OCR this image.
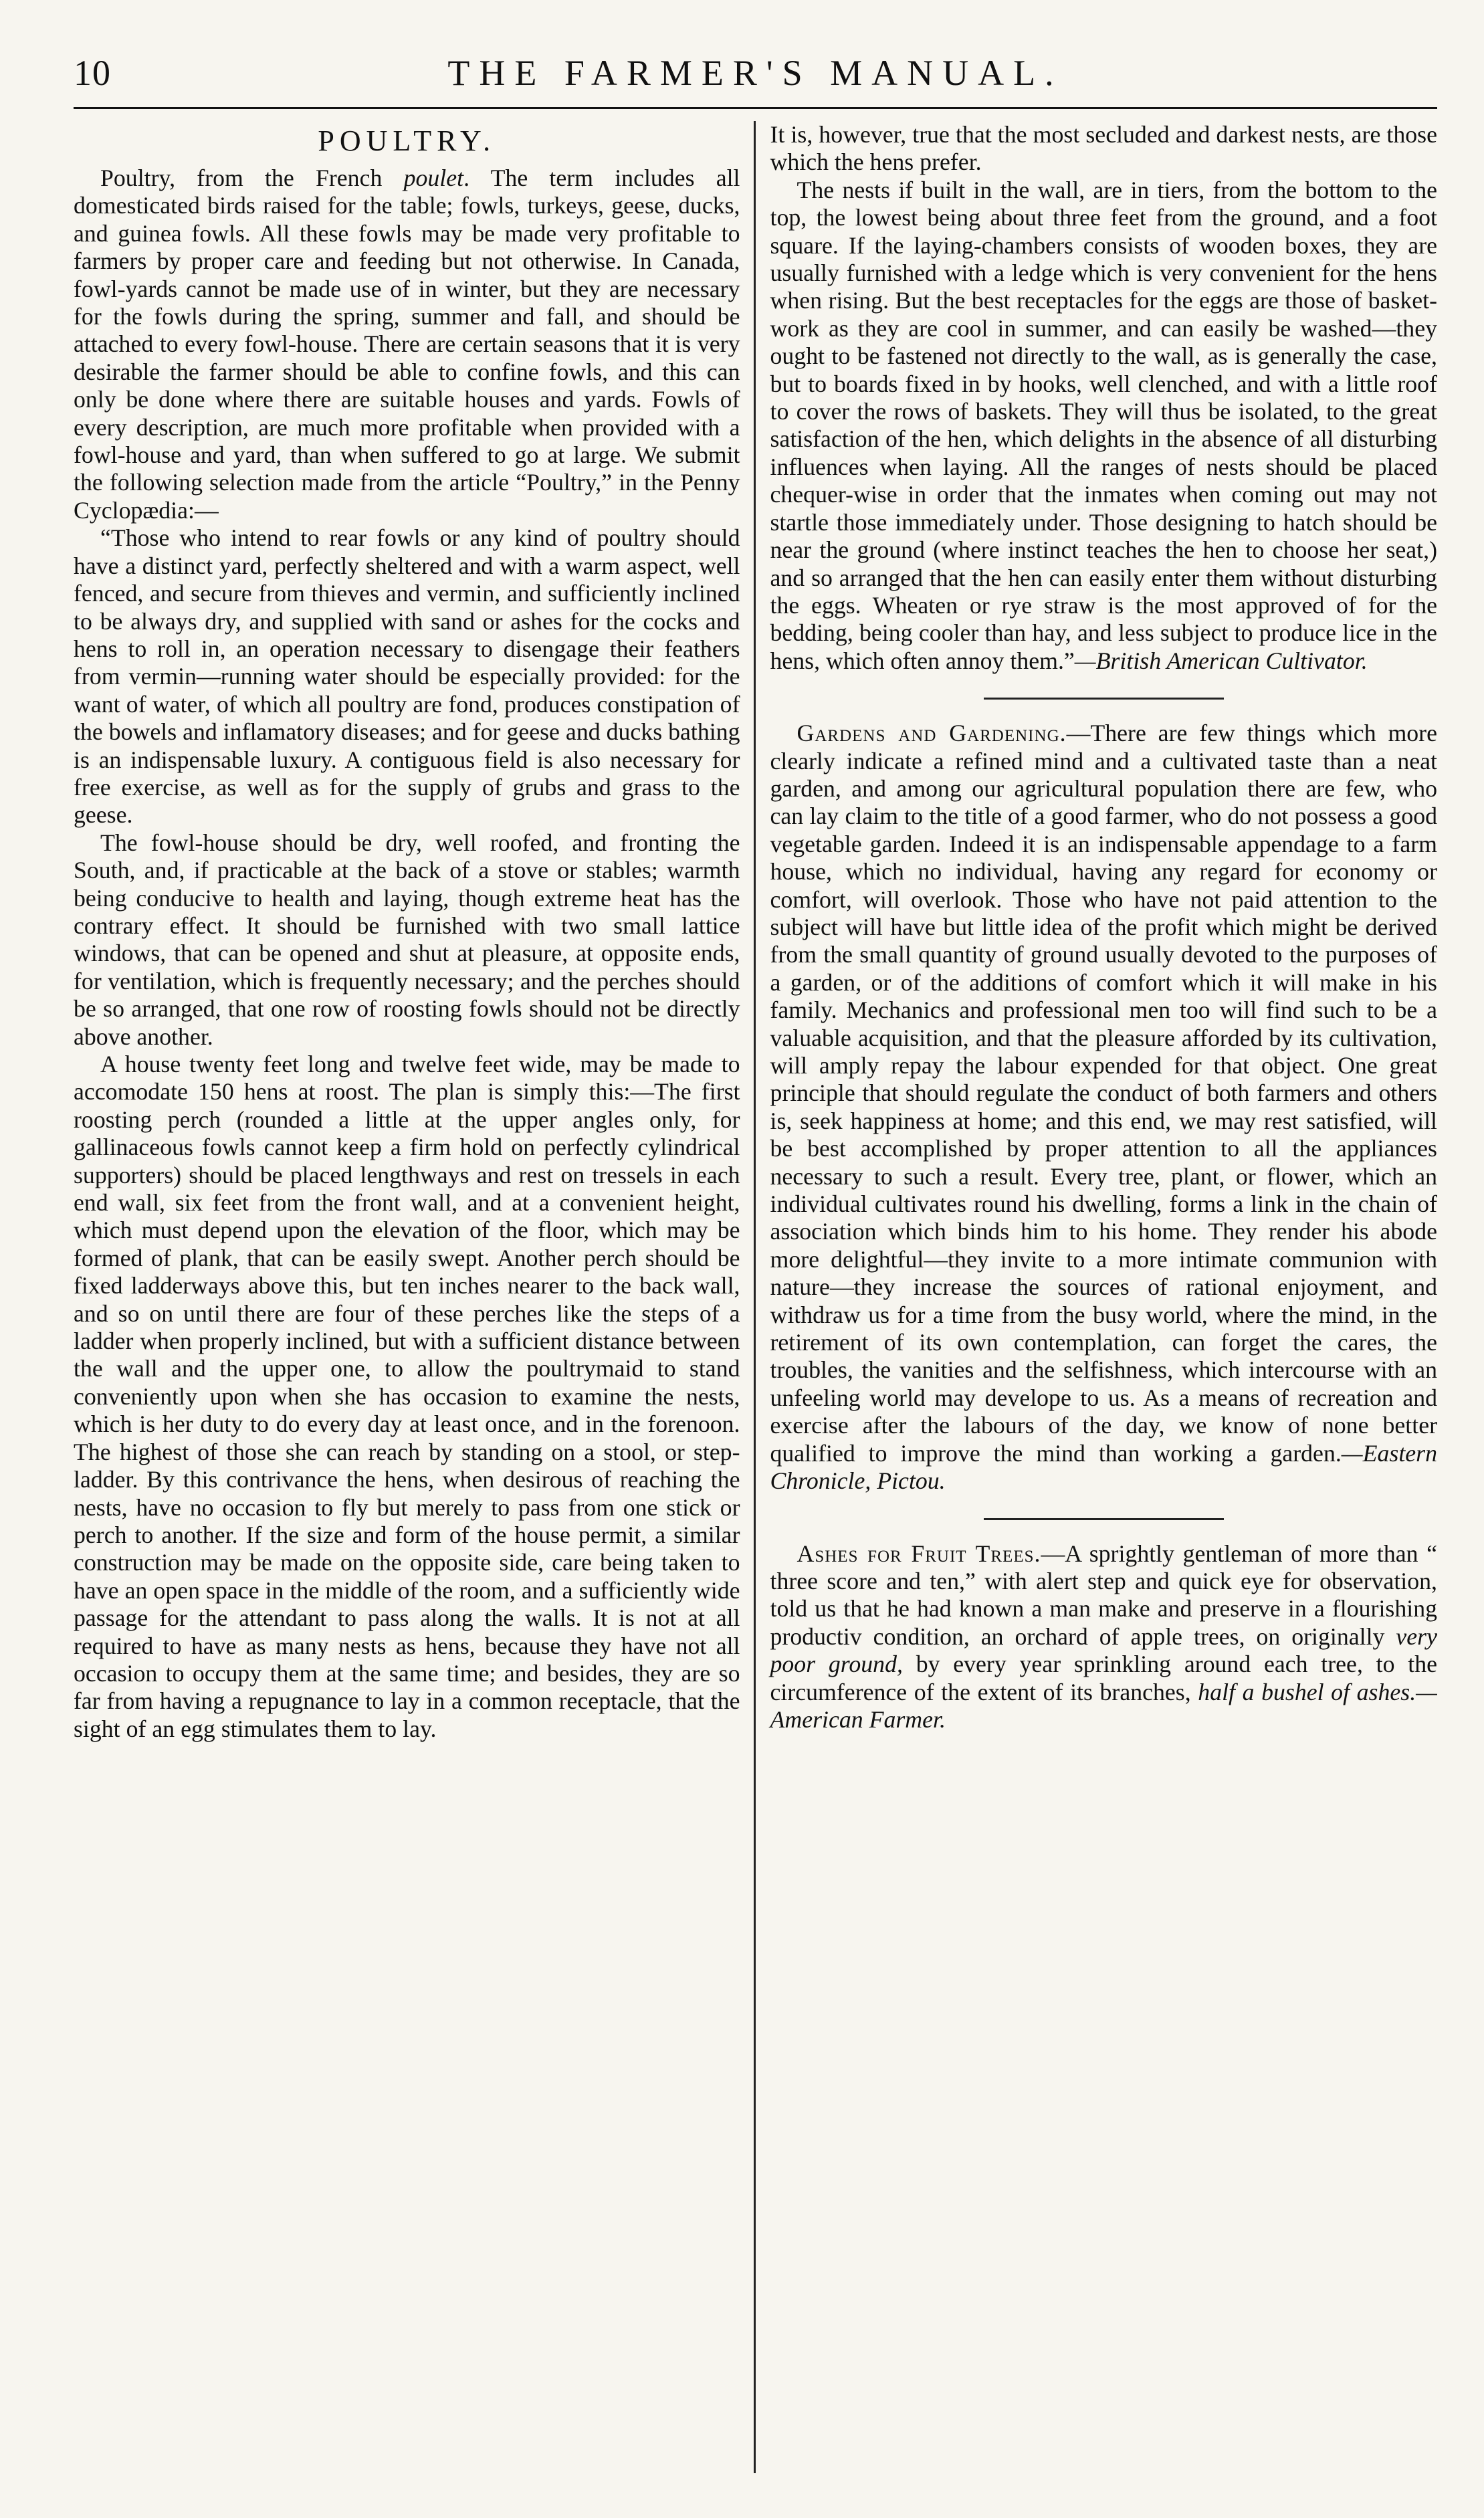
10	THE FARMER'S MANUAL.
POULTRY.

Poultry, from the French poulet. The term includes all domesticated birds raised for the table; fowls, turkeys, geese, ducks, and guinea fowls. All these fowls may be made very profitable to farmers by proper care and feeding but not otherwise. In Canada, fowl-yards cannot be made use of in winter, but they are necessary for the fowls during the spring, summer and fall, and should be attached to every fowl-house. There are certain seasons that it is very desirable the farmer should be able to confine fowls, and this can only be done where there are suitable houses and yards. Fowls of every description, are much more profitable when provided with a fowl-house and yard, than when suffered to go at large. We submit the following selection made from the article “Poultry,” in the Penny Cyclopædia:—

“Those who intend to rear fowls or any kind of poultry should have a distinct yard, perfectly sheltered and with a warm aspect, well fenced, and secure from thieves and vermin, and sufficiently inclined to be always dry, and supplied with sand or ashes for the cocks and hens to roll in, an operation necessary to disengage their feathers from vermin—running water should be especially provided: for the want of water, of which all poultry are fond, produces constipation of the bowels and inflamatory diseases; and for geese and ducks bathing is an indispensable luxury. A contiguous field is also necessary for free exercise, as well as for the supply of grubs and grass to the geese.

The fowl-house should be dry, well roofed, and fronting the South, and, if practicable at the back of a stove or stables; warmth being conducive to health and laying, though extreme heat has the contrary effect. It should be furnished with two small lattice windows, that can be opened and shut at pleasure, at opposite ends, for ventilation, which is frequently necessary; and the perches should be so arranged, that one row of roosting fowls should not be directly above another.

A house twenty feet long and twelve feet wide, may be made to accomodate 150 hens at roost. The plan is simply this:—The first roosting perch (rounded a little at the upper angles only, for gallinaceous fowls cannot keep a firm hold on perfectly cylindrical supporters) should be placed lengthways and rest on tressels in each end wall, six feet from the front wall, and at a convenient height, which must depend upon the elevation of the floor, which may be formed of plank, that can be easily swept. Another perch should be fixed ladderways above this, but ten inches nearer to the back wall, and so on until there are four of these perches like the steps of a ladder when properly inclined, but with a sufficient distance between the wall and the upper one, to allow the poultrymaid to stand conveniently upon when she has occasion to examine the nests, which is her duty to do every day at least once, and in the forenoon. The highest of those she can reach by standing on a stool, or step-ladder. By this contrivance the hens, when desirous of reaching the nests, have no occasion to fly but merely to pass from one stick or perch to another. If the size and form of the house permit, a similar construction may be made on the opposite side, care being taken to have an open space in the middle of the room, and a sufficiently wide passage for the attendant to pass along the walls. It is not at all required to have as many nests as hens, because they have not all occasion to occupy them at the same time; and besides, they are so far from having a repugnance to lay in a common receptacle, that the sight of an egg stimulates them to lay.

It is, however, true that the most secluded and darkest nests, are those which the hens prefer.

The nests if built in the wall, are in tiers, from the bottom to the top, the lowest being about three feet from the ground, and a foot square. If the laying-chambers consists of wooden boxes, they are usually furnished with a ledge which is very convenient for the hens when rising. But the best receptacles for the eggs are those of basket-work as they are cool in summer, and can easily be washed—they ought to be fastened not directly to the wall, as is generally the case, but to boards fixed in by hooks, well clenched, and with a little roof to cover the rows of baskets. They will thus be isolated, to the great satisfaction of the hen, which delights in the absence of all disturbing influences when laying. All the ranges of nests should be placed chequer-wise in order that the inmates when coming out may not startle those immediately under. Those designing to hatch should be near the ground (where instinct teaches the hen to choose her seat,) and so arranged that the hen can easily enter them without disturbing the eggs. Wheaten or rye straw is the most approved of for the bedding, being cooler than hay, and less subject to produce lice in the hens, which often annoy them.”—British American Cultivator.

Gardens and Gardening.—There are few things which more clearly indicate a refined mind and a cultivated taste than a neat garden, and among our agricultural population there are few, who can lay claim to the title of a good farmer, who do not possess a good vegetable garden. Indeed it is an indispensable appendage to a farm house, which no individual, having any regard for economy or comfort, will overlook. Those who have not paid attention to the subject will have but little idea of the profit which might be derived from the small quantity of ground usually devoted to the purposes of a garden, or of the additions of comfort which it will make in his family. Mechanics and professional men too will find such to be a valuable acquisition, and that the pleasure afforded by its cultivation, will amply repay the labour expended for that object. One great principle that should regulate the conduct of both farmers and others is, seek happiness at home; and this end, we may rest satisfied, will be best accomplished by proper attention to all the appliances necessary to such a result. Every tree, plant, or flower, which an individual cultivates round his dwelling, forms a link in the chain of association which binds him to his home. They render his abode more delightful—they invite to a more intimate communion with nature—they increase the sources of rational enjoyment, and withdraw us for a time from the busy world, where the mind, in the retirement of its own contemplation, can forget the cares, the troubles, the vanities and the selfishness, which intercourse with an unfeeling world may develope to us. As a means of recreation and exercise after the labours of the day, we know of none better qualified to improve the mind than working a garden.—Eastern Chronicle, Pictou.

Ashes for Fruit Trees.—A sprightly gentleman of more than “ three score and ten,” with alert step and quick eye for observation, told us that he had known a man make and preserve in a flourishing productiv condition, an orchard of apple trees, on originally very poor ground, by every year sprinkling around each tree, to the circumference of the extent of its branches, half a bushel of ashes.—American Farmer.
